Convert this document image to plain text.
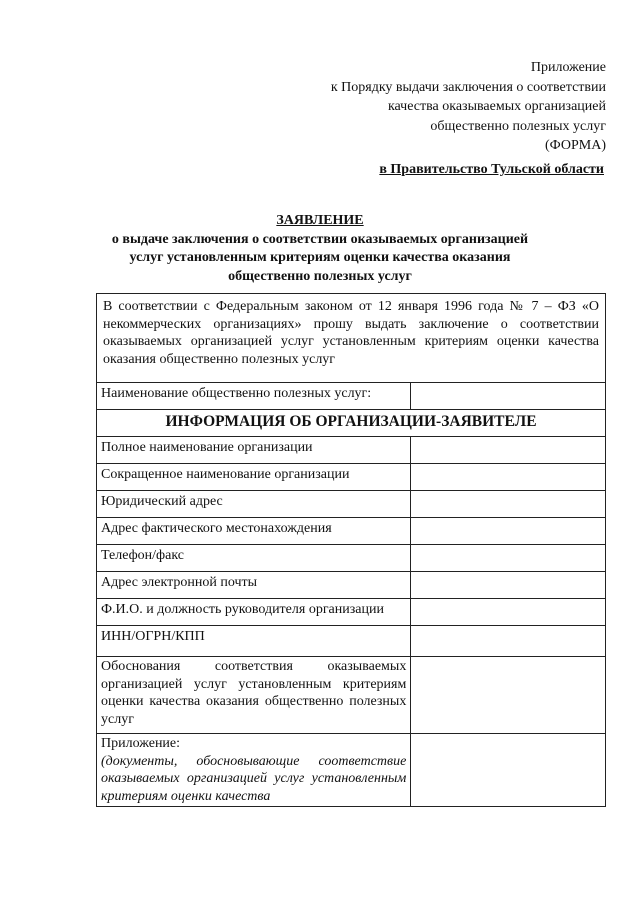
Приложение
к Порядку выдачи заключения о соответствии
качества оказываемых организацией
общественно полезных услуг
(ФОРМА)
в Правительство Тульской области
ЗАЯВЛЕНИЕ
о выдаче заключения о соответствии оказываемых организацией
услуг установленным критериям оценки качества оказания
общественно полезных услуг
В соответствии с Федеральным законом от 12 января 1996 года № 7 – ФЗ «О некоммерческих организациях» прошу выдать заключение о соответствии оказываемых организацией услуг установленным критериям оценки качества оказания общественно полезных услуг	
Наименование общественно полезных услуг:	
ИНФОРМАЦИЯ ОБ ОРГАНИЗАЦИИ-ЗАЯВИТЕЛЕ	
Полное наименование организации	
Сокращенное наименование организации	
Юридический адрес	
Адрес фактического местонахождения	
Телефон/факс	
Адрес электронной почты	
Ф.И.О. и должность руководителя организации	
ИНН/ОГРН/КПП	
Обоснования соответствия оказываемых организацией услуг установленным критериям оценки качества оказания общественно полезных услуг	

Приложение:
(документы, обосновывающие соответствие оказываемых организацией услуг установленным критериям оценки качества	
